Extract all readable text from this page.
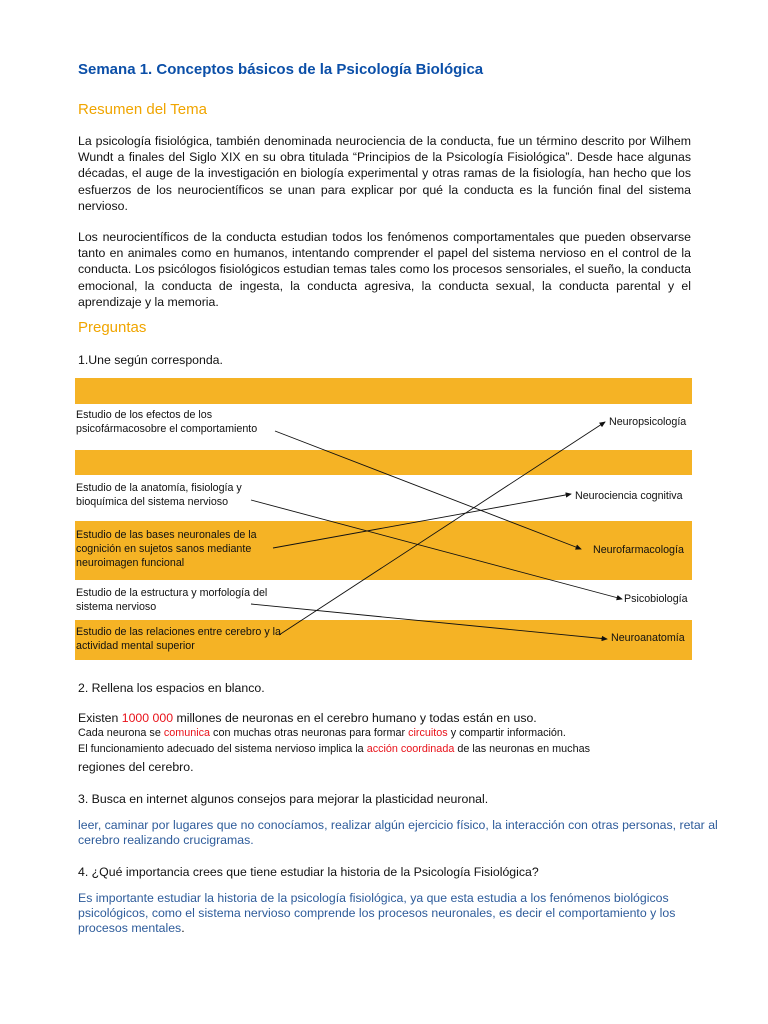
Semana 1. Conceptos básicos de la Psicología Biológica
Resumen del Tema
La psicología fisiológica, también denominada neurociencia de la conducta, fue un término descrito por Wilhem Wundt a finales del Siglo XIX en su obra titulada “Principios de la Psicología Fisiológica”. Desde hace algunas décadas, el auge de la investigación en biología experimental y otras ramas de la fisiología, han hecho que los esfuerzos de los neurocientíficos se unan para explicar por qué la conducta es la función final del sistema nervioso.
Los neurocientíficos de la conducta estudian todos los fenómenos comportamentales que pueden observarse tanto en animales como en humanos, intentando comprender el papel del sistema nervioso en el control de la conducta. Los psicólogos fisiológicos estudian temas tales como los procesos sensoriales, el sueño, la conducta emocional, la conducta de ingesta, la conducta agresiva, la conducta sexual, la conducta parental y el aprendizaje y la memoria.
Preguntas
1.Une según corresponda.
Estudio de los efectos de los psicofármacosobre el comportamiento
Neuropsicología
Estudio de la anatomía, fisiología y bioquímica del sistema nervioso	Neurociencia cognitiva
Estudio de las bases neuronales de la cognición en sujetos sanos mediante neuroimagen funcional
Neurofarmacología
Estudio de la estructura y morfología del sistema nervioso
Psicobiología
Estudio de las relaciones entre cerebro y la actividad mental superior
Neuroanatomía
2. Rellena los espacios en blanco.
Existen 1000 000 millones de neuronas en el cerebro humano y todas están en uso.
Cada neurona se comunica con muchas otras neuronas para formar circuitos y compartir información.
El funcionamiento adecuado del sistema nervioso implica la acción coordinada de las neuronas en muchas
regiones del cerebro.
3. Busca en internet algunos consejos para mejorar la plasticidad neuronal.
leer, caminar por lugares que no conocíamos, realizar algún ejercicio físico, la interacción con otras personas, retar al cerebro realizando crucigramas.
4. ¿Qué importancia crees que tiene estudiar la historia de la Psicología Fisiológica?
Es importante estudiar la historia de la psicología fisiológica, ya que esta estudia a los fenómenos biológicos psicológicos, como el sistema nervioso comprende los procesos neuronales, es decir el comportamiento y los procesos mentales.
